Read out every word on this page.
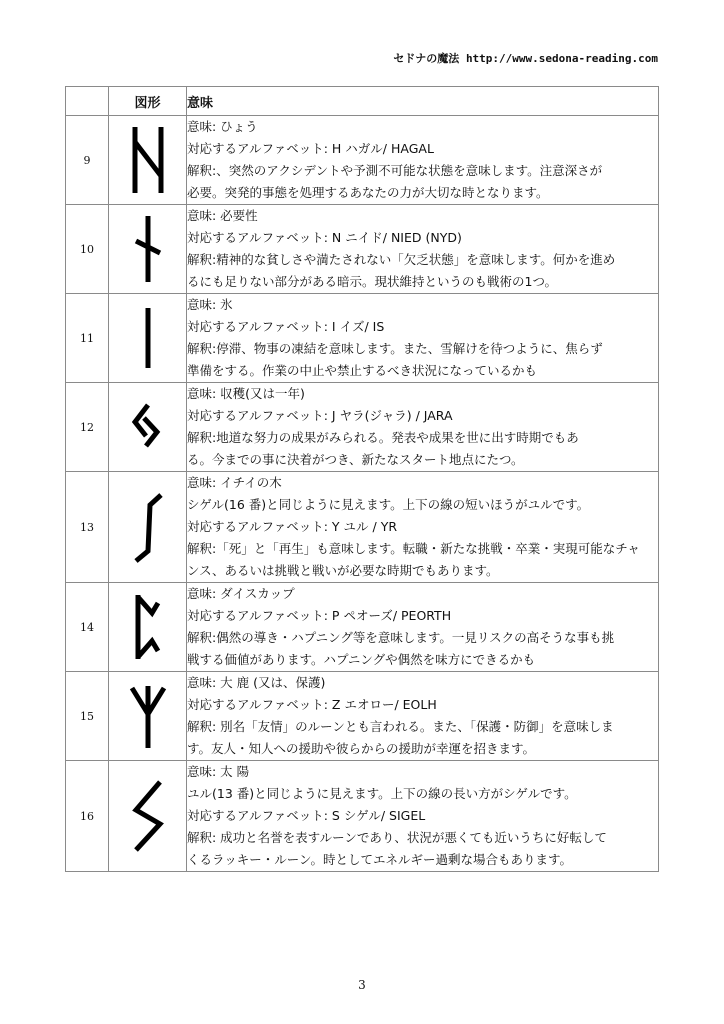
セドナの魔法 http://www.sedona-reading.com
	図形	意味
9		意味: ひょう
対応するアルファベット: H ハガル/ HAGAL
解釈:、突然のアクシデントや予測不可能な状態を意味します。注意深さが
必要。突発的事態を処理するあなたの力が大切な時となります。

10		意味: 必要性
対応するアルファベット: N ニイド/ NIED (NYD)
解釈:精神的な貧しさや満たされない「欠乏状態」を意味します。何かを進め
るにも足りない部分がある暗示。現状維持というのも戦術の1つ。

11		意味: 氷
対応するアルファベット: I イズ/ IS
解釈:停滞、物事の凍結を意味します。また、雪解けを待つように、焦らず
準備をする。作業の中止や禁止するべき状況になっているかも

12		意味: 収穫(又は一年)
対応するアルファベット: J ヤラ(ジャラ) / JARA
解釈:地道な努力の成果がみられる。発表や成果を世に出す時期でもあ
る。今までの事に決着がつき、新たなスタート地点にたつ。

13		意味: イチイの木
シゲル(16 番)と同じように見えます。上下の線の短いほうがユルです。
対応するアルファベット: Y ユル / YR
解釈:「死」と「再生」も意味します。転職・新たな挑戦・卒業・実現可能なチャ
ンス、あるいは挑戦と戦いが必要な時期でもあります。

14		意味: ダイスカップ
対応するアルファベット: P ペオーズ/ PEORTH
解釈:偶然の導き・ハプニング等を意味します。一見リスクの高そうな事も挑
戦する価値があります。ハプニングや偶然を味方にできるかも

15		意味: 大 鹿 (又は、保護)
対応するアルファベット: Z エオロー/ EOLH
解釈: 別名「友情」のルーンとも言われる。また、「保護・防御」を意味しま
す。友人・知人への援助や彼らからの援助が幸運を招きます。

16		意味: 太 陽
ユル(13 番)と同じように見えます。上下の線の長い方がシゲルです。
対応するアルファベット: S シゲル/ SIGEL
解釈: 成功と名誉を表すルーンであり、状況が悪くても近いうちに好転して
くるラッキー・ルーン。時としてエネルギー過剰な場合もあります。
3
